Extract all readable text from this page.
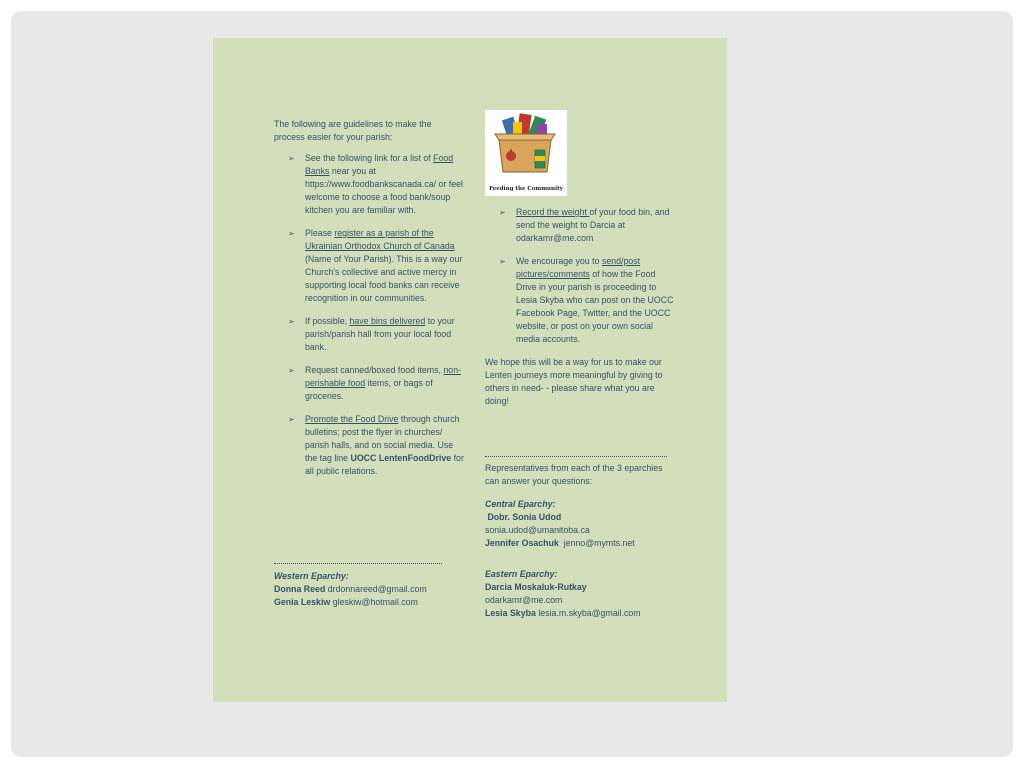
The following are guidelines to make the process easier for your parish:

➢ See the following link for a list of Food Banks near you at https://www.foodbankscanada.ca/ or feel welcome to choose a food bank/soup kitchen you are familiar with.
➢ Please register as a parish of the Ukrainian Orthodox Church of Canada (Name of Your Parish). This is a way our Church's collective and active mercy in supporting local food banks can receive recognition in our communities.
➢ If possible, have bins delivered to your parish/parish hall from your local food bank.
➢ Request canned/boxed food items, non-perishable food items, or bags of groceries.
➢ Promote the Food Drive through church bulletins; post the flyer in churches/ parish halls, and on social media. Use the tag line UOCC LentenFoodDrive for all public relations.
Western Eparchy:
Donna Reed drdonnareed@gmail.com
Genia Leskiw gleskiw@hotmail.com
Feeding the Community
➢ Record the weight of your food bin, and send the weight to Darcia at odarkamr@me.com
➢ We encourage you to send/post pictures/comments of how the Food Drive in your parish is proceeding to Lesia Skyba who can post on the UOCC Facebook Page, Twitter, and the UOCC website, or post on your own social media accounts.

We hope this will be a way for us to make our Lenten journeys more meaningful by giving to others in need- - please share what you are doing!

Representatives from each of the 3 eparchies can answer your questions:

Central Eparchy:
Dobr. Sonia Udod
sonia.udod@umanitoba.ca
Jennifer Osachuk jenno@mymts.net
Eastern Eparchy:
Darcia Moskaluk-Rutkay
odarkamr@me.com
Lesia Skyba lesia.m.skyba@gmail.com
